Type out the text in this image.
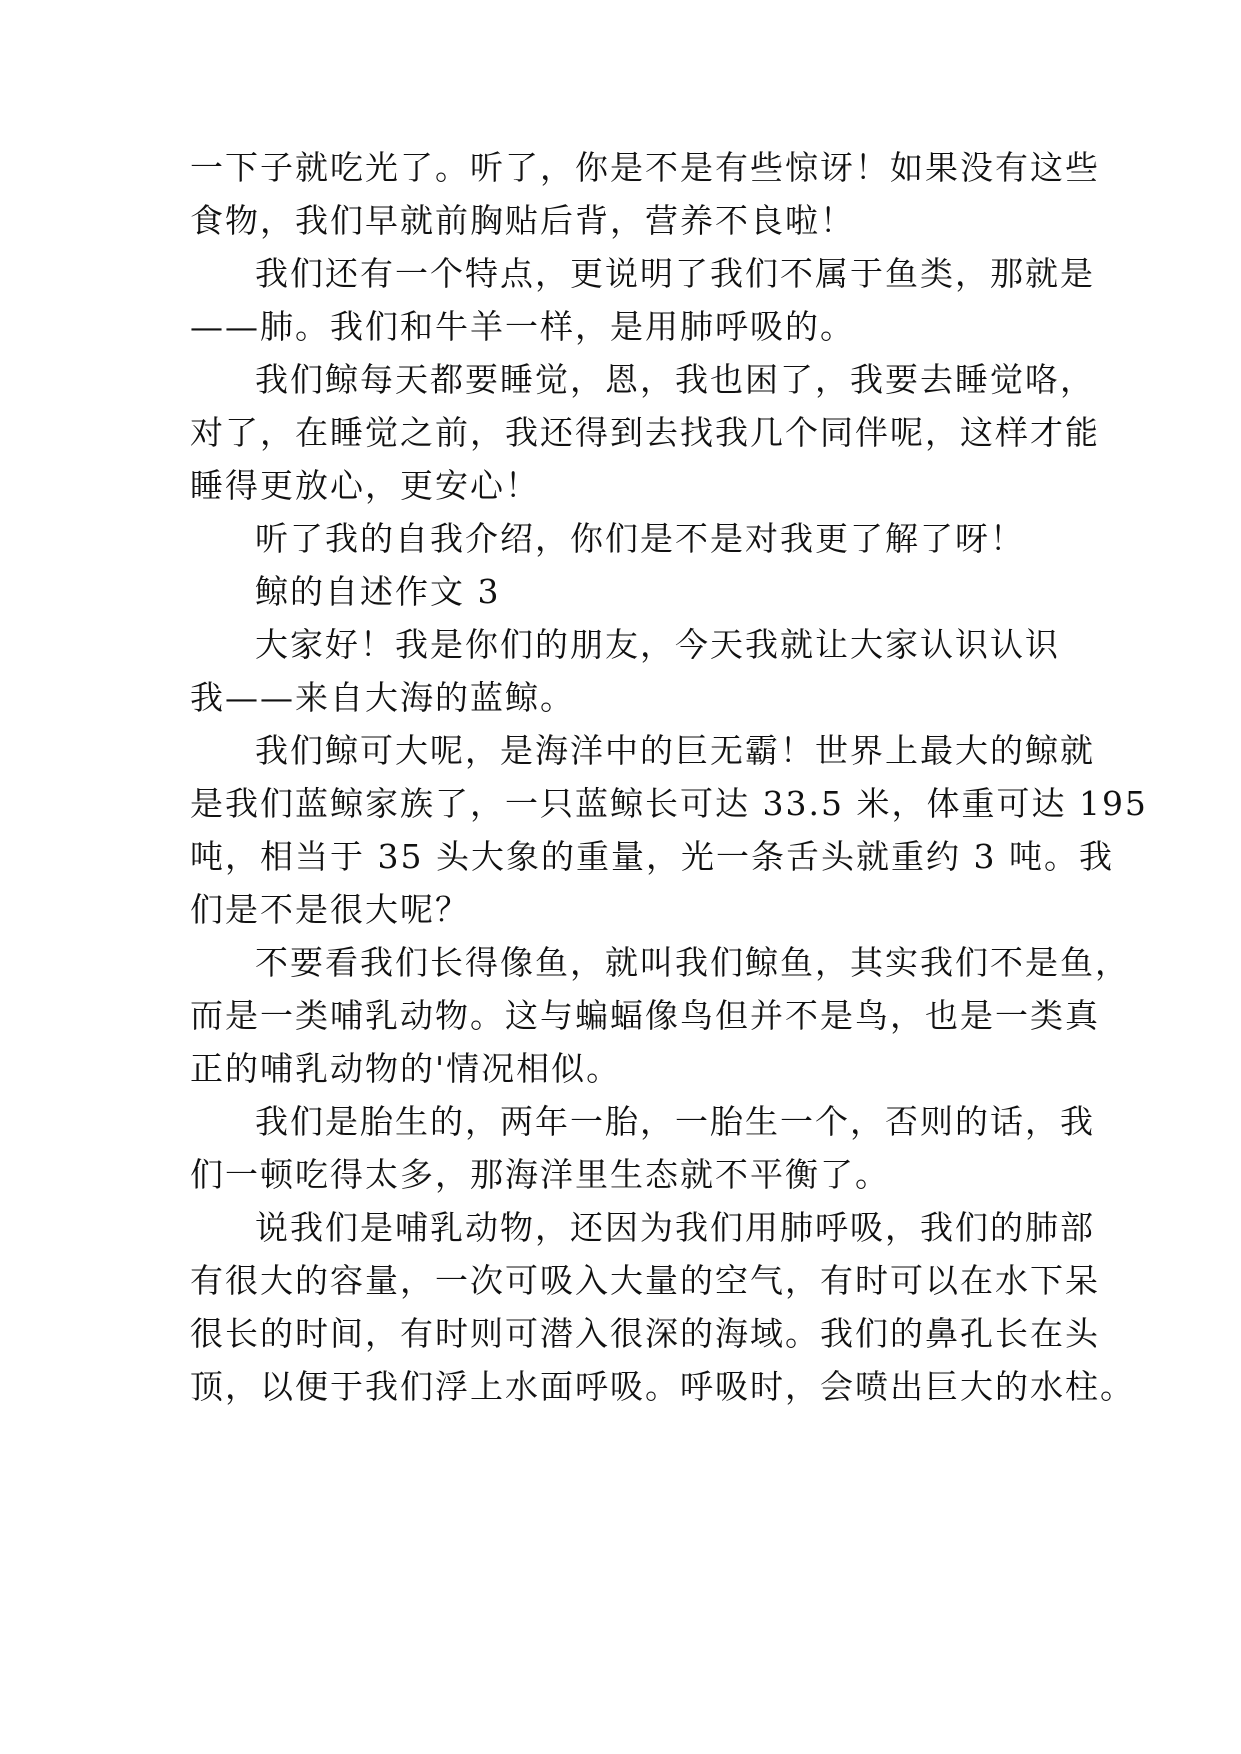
一下子就吃光了。听了，你是不是有些惊讶！如果没有这些
食物，我们早就前胸贴后背，营养不良啦！
我们还有一个特点，更说明了我们不属于鱼类，那就是
——肺。我们和牛羊一样，是用肺呼吸的。
我们鲸每天都要睡觉，恩，我也困了，我要去睡觉咯，
对了，在睡觉之前，我还得到去找我几个同伴呢，这样才能
睡得更放心，更安心！
听了我的自我介绍，你们是不是对我更了解了呀！
鲸的自述作文 3
大家好！我是你们的朋友，今天我就让大家认识认识
我——来自大海的蓝鲸。
我们鲸可大呢，是海洋中的巨无霸！世界上最大的鲸就
是我们蓝鲸家族了，一只蓝鲸长可达 33.5 米，体重可达 195
吨，相当于 35 头大象的重量，光一条舌头就重约 3 吨。我
们是不是很大呢？
不要看我们长得像鱼，就叫我们鲸鱼，其实我们不是鱼，
而是一类哺乳动物。这与蝙蝠像鸟但并不是鸟，也是一类真
正的哺乳动物的'情况相似。
我们是胎生的，两年一胎，一胎生一个，否则的话，我
们一顿吃得太多，那海洋里生态就不平衡了。
说我们是哺乳动物，还因为我们用肺呼吸，我们的肺部
有很大的容量，一次可吸入大量的空气，有时可以在水下呆
很长的时间，有时则可潜入很深的海域。我们的鼻孔长在头
顶，以便于我们浮上水面呼吸。呼吸时，会喷出巨大的水柱。
